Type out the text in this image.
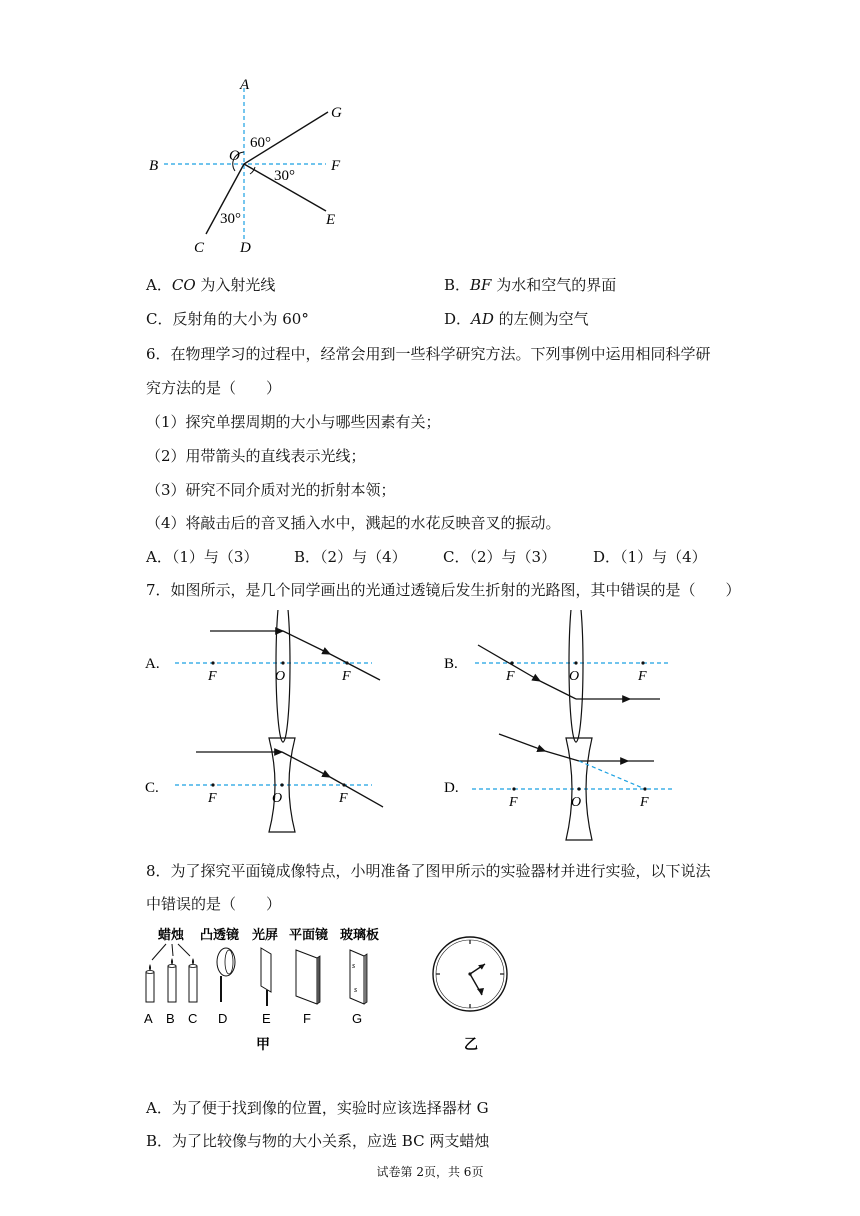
A
G
B	F
O
60°
30°
30°	E
C D
A．CO 为入射光线	B．BF 为水和空气的界面
C．反射角的大小为 60°	D．AD 的左侧为空气
6．在物理学习的过程中，经常会用到一些科学研究方法。下列事例中运用相同科学研
究方法的是（　　）
（1）探究单摆周期的大小与哪些因素有关；
（2）用带箭头的直线表示光线；
（3）研究不同介质对光的折射本领；
（4）将敲击后的音叉插入水中，溅起的水花反映音叉的振动。
A．（1）与（3） B．（2）与（4） C．（2）与（3） D．（1）与（4）
7．如图所示，是几个同学画出的光通过透镜后发生折射的光路图，其中错误的是（　　）
A.
F	O	F
B.
F	O	F
C.
F	O	F
D.
F	O	F
8．为了探究平面镜成像特点，小明准备了图甲所示的实验器材并进行实验，以下说法
中错误的是（　　）
蜡烛 凸透镜 光屏 平面镜 玻璃板
s
s
A B C D	E F	G
甲	乙
A．为了便于找到像的位置，实验时应该选择器材 G
B．为了比较像与物的大小关系，应选 BC 两支蜡烛
试卷第 2页，共 6页
